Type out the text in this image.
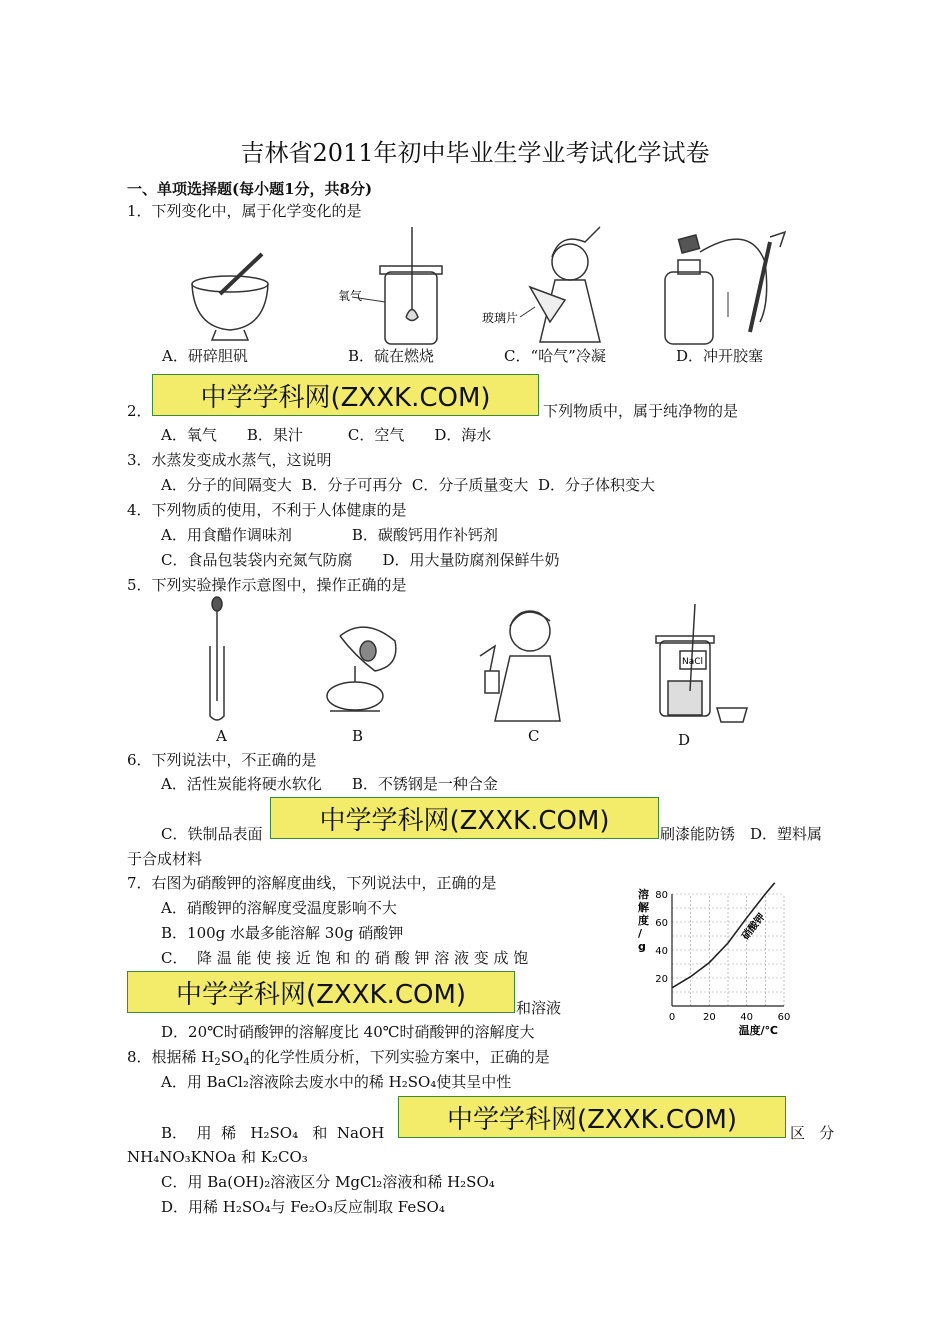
吉林省2011年初中毕业生学业考试化学试卷
一、单项选择题(每小题1分，共8分)
1．下列变化中，属于化学变化的是
氧气
玻璃片
A．研碎胆矾	B．硫在燃烧	C．“哈气”冷凝	D．冲开胶塞
2．	中学学科网(ZXXK.COM)	下列物质中，属于纯净物的是
A．氧气　　B．果汁　　　C．空气　　D．海水
3．水蒸发变成水蒸气，这说明
A．分子的间隔变大  B．分子可再分  C．分子质量变大  D．分子体积变大
4．下列物质的使用，不利于人体健康的是
A．用食醋作调味剂　　　　B．碳酸钙用作补钙剂
C．食品包装袋内充氮气防腐　　D．用大量防腐剂保鲜牛奶
5．下列实验操作示意图中，操作正确的是
NaCl
A	B	C	D
6．下列说法中，不正确的是
A．活性炭能将硬水软化　　B．不锈钢是一种合金
C．铁制品表面	中学学科网(ZXXK.COM)	刷漆能防锈　D．塑料属
于合成材料
7．右图为硝酸钾的溶解度曲线，下列说法中，正确的是
A．硝酸钾的溶解度受温度影响不大
B．100g 水最多能溶解 30g 硝酸钾
C．  降 温 能 使 接 近 饱 和 的 硝 酸 钾 溶 液 变 成 饱
中学学科网(ZXXK.COM)	和溶液
D．20℃时硝酸钾的溶解度比 40℃时硝酸钾的溶解度大
0	20 40 60
20
40
60
80
溶
解
度
/
g
温度/℃
硝酸钾
8．根据稀 $H_2SO_4$的化学性质分析，下列实验方案中，正确的是
A．用 BaCl₂溶液除去废水中的稀 H₂SO₄使其呈中性
B．  用  稀   H₂SO₄   和  NaOH	中学学科网(ZXXK.COM)	区   分
NH₄NO₃KNOa 和 K₂CO₃
C．用 Ba(OH)₂溶液区分 MgCl₂溶液和稀 H₂SO₄
D．用稀 H₂SO₄与 Fe₂O₃反应制取 FeSO₄
